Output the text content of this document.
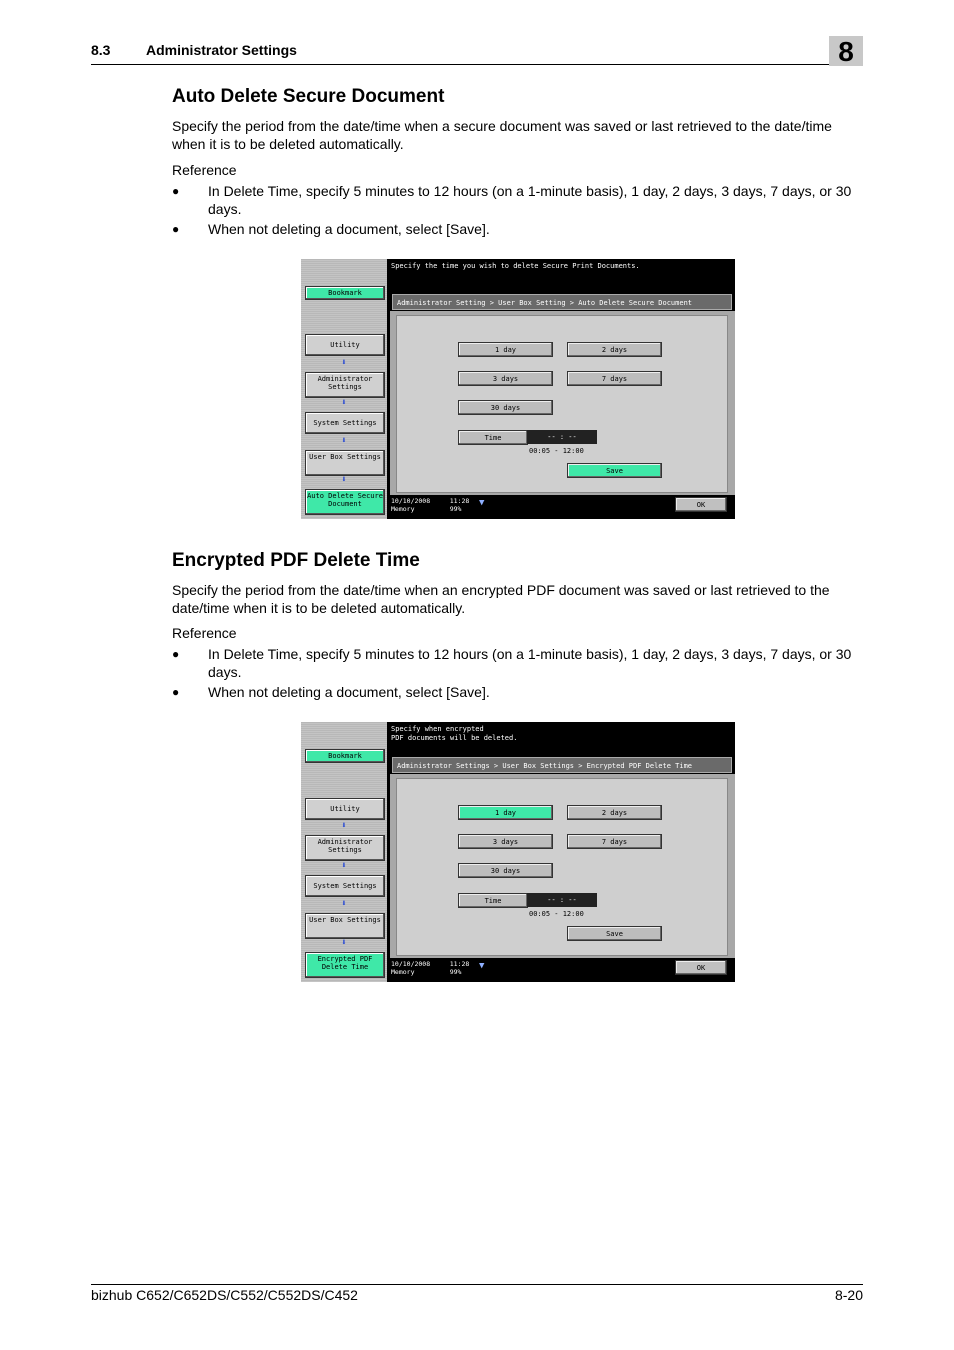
8.3	Administrator Settings	8
Auto Delete Secure Document

Specify the period from the date/time when a secure document was saved or last retrieved to the date/time when it is to be deleted automatically.

Reference

● In Delete Time, specify 5 minutes to 12 hours (on a 1-minute basis), 1 day, 2 days, 3 days, 7 days, or 30 days.
● When not deleting a document, select [Save].
Bookmark
Utility
⬇
Administrator Settings
⬇
System Settings
⬇
User Box Settings
⬇
Auto Delete Secure Document
Specify the time you wish to delete Secure Print Documents.
Administrator Setting > User Box Setting > Auto Delete Secure Document
1 day	2 days
3 days	7 days
30 days
Time	-- : --
00:05 - 12:00
Save
10/10/2008	11:28
Memory	99%
▼	OK
Encrypted PDF Delete Time

Specify the period from the date/time when an encrypted PDF document was saved or last retrieved to the date/time when it is to be deleted automatically.

Reference

● In Delete Time, specify 5 minutes to 12 hours (on a 1-minute basis), 1 day, 2 days, 3 days, 7 days, or 30 days.
● When not deleting a document, select [Save].
Bookmark
Utility
⬇
Administrator Settings
⬇
System Settings
⬇
User Box Settings
⬇
Encrypted PDF Delete Time
Specify when encrypted
PDF documents will be deleted.
Administrator Settings > User Box Settings > Encrypted PDF Delete Time
1 day	2 days
3 days	7 days
30 days
Time	-- : --
00:05 - 12:00
Save
10/10/2008	11:28
Memory	99%
▼	OK
bizhub C652/C652DS/C552/C552DS/C452	8-20
